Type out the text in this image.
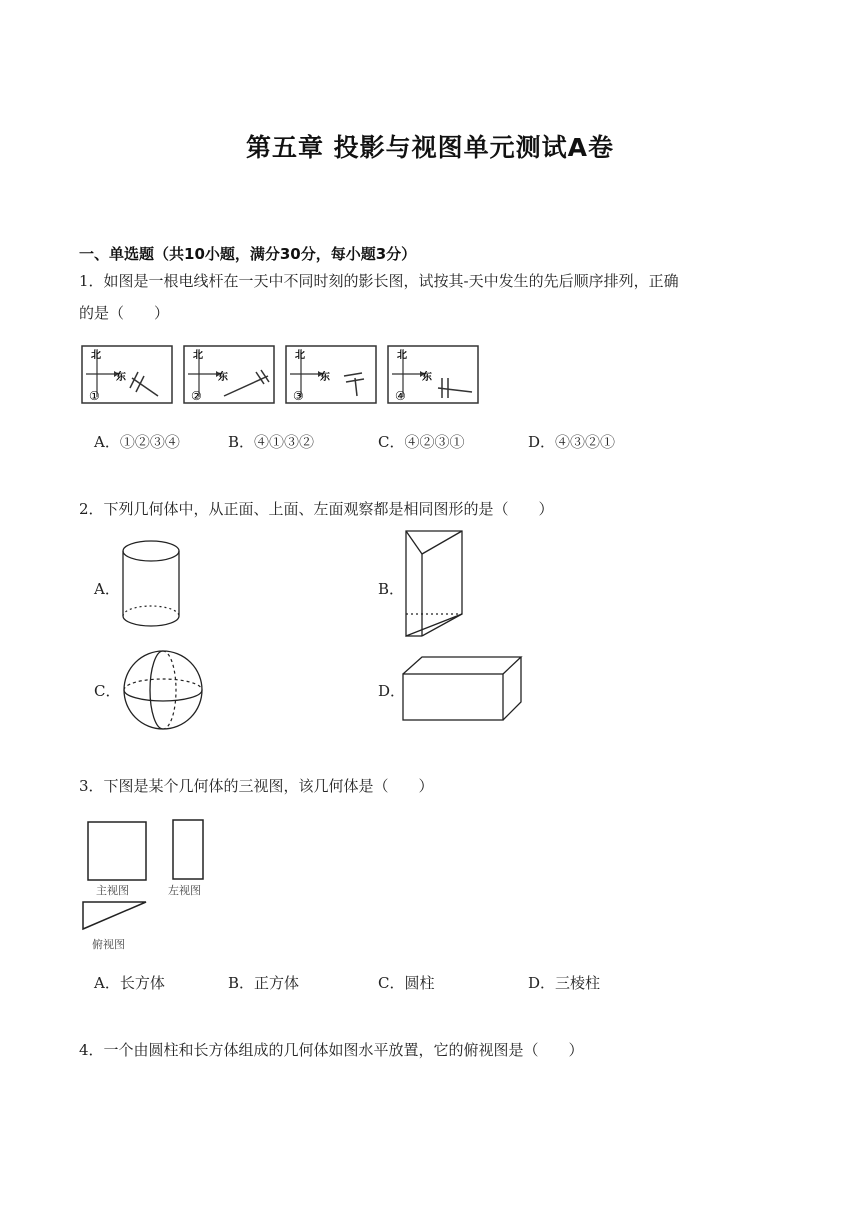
第五章 投影与视图单元测试A卷
一、单选题（共10小题，满分30分，每小题3分）
1．如图是一根电线杆在一天中不同时刻的影长图，试按其-天中发生的先后顺序排列，正确
的是（　　）
北
东
①
北
东
②
北
东
③
北
东
④
A．①②③④	B．④①③②	C．④②③①	D．④③②①
2．下列几何体中，从正面、上面、左面观察都是相同图形的是（　　）
A．	B．
C．	D．
3．下图是某个几何体的三视图，该几何体是（　　）
主视图	左视图
俯视图
A．长方体	B．正方体	C．圆柱	D．三棱柱
4．一个由圆柱和长方体组成的几何体如图水平放置，它的俯视图是（　　）
